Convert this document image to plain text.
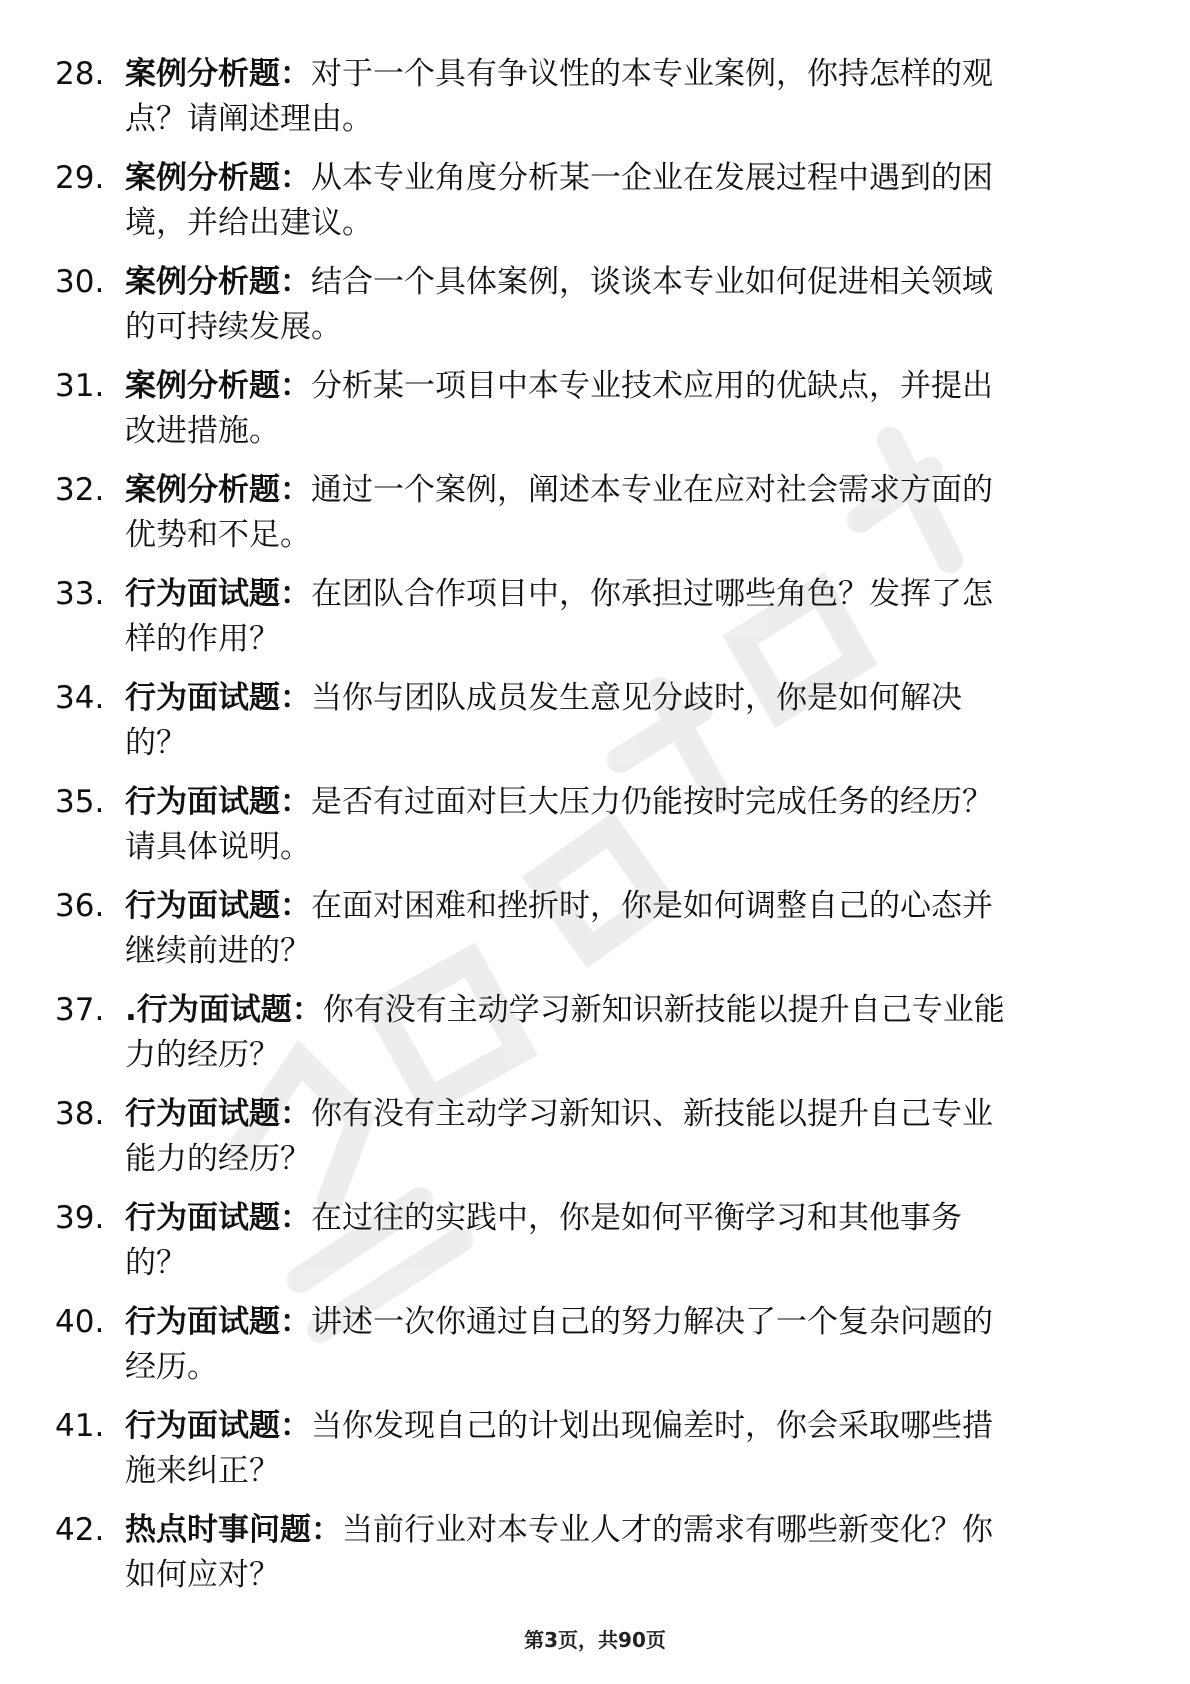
28. 案例分析题：对于一个具有争议性的本专业案例，你持怎样的观
点？请阐述理由。
29. 案例分析题：从本专业角度分析某一企业在发展过程中遇到的困
境，并给出建议。
30. 案例分析题：结合一个具体案例，谈谈本专业如何促进相关领域
的可持续发展。
31. 案例分析题：分析某一项目中本专业技术应用的优缺点，并提出
改进措施。
32. 案例分析题：通过一个案例，阐述本专业在应对社会需求方面的
优势和不足。
33. 行为面试题：在团队合作项目中，你承担过哪些角色？发挥了怎
样的作用？
34. 行为面试题：当你与团队成员发生意见分歧时，你是如何解决
的？
35. 行为面试题：是否有过面对巨大压力仍能按时完成任务的经历？
请具体说明。
36. 行为面试题：在面对困难和挫折时，你是如何调整自己的心态并
继续前进的？
37. .行为面试题：你有没有主动学习新知识新技能以提升自己专业能
力的经历？
38. 行为面试题：你有没有主动学习新知识、新技能以提升自己专业
能力的经历？
39. 行为面试题：在过往的实践中，你是如何平衡学习和其他事务
的？
40. 行为面试题：讲述一次你通过自己的努力解决了一个复杂问题的
经历。
41. 行为面试题：当你发现自己的计划出现偏差时，你会采取哪些措
施来纠正？
42. 热点时事问题：当前行业对本专业人才的需求有哪些新变化？你
如何应对？
第3页，共90页
